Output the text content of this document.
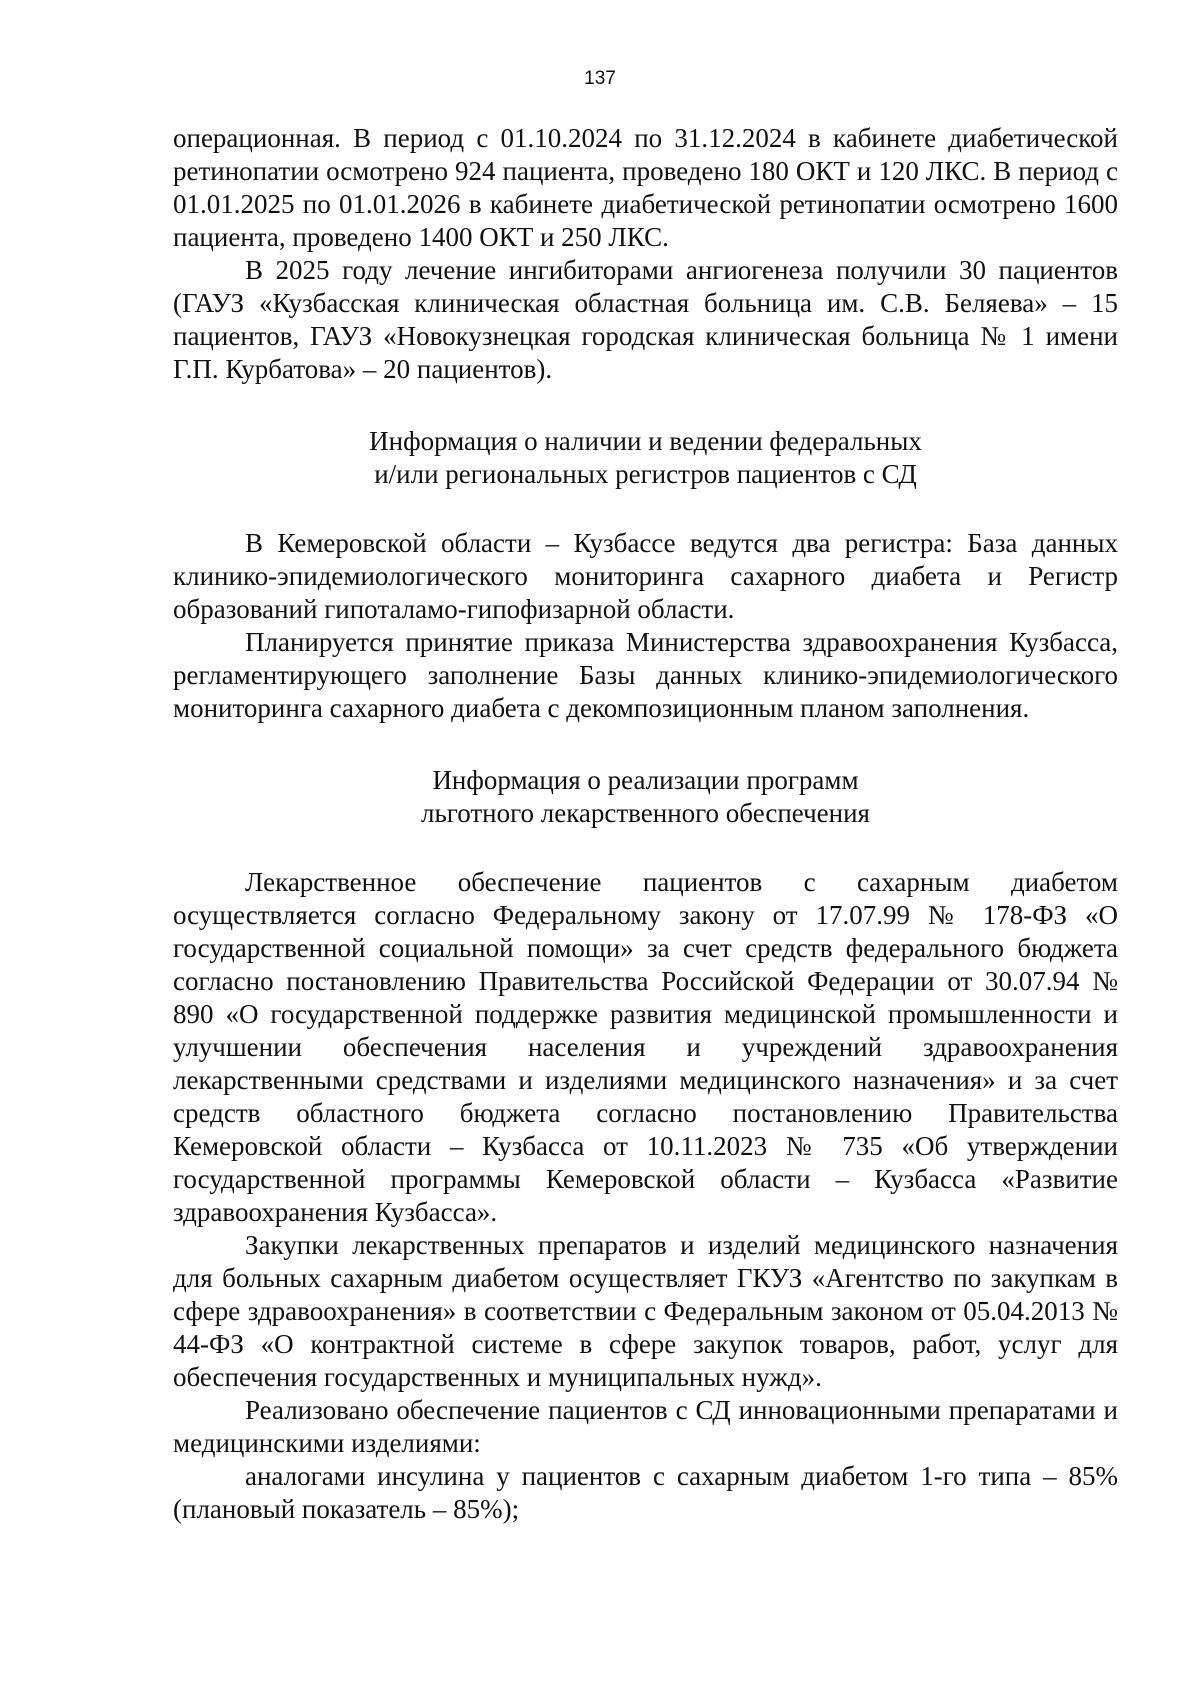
137

операционная. В период с 01.10.2024 по 31.12.2024 в кабинете диабетической ретинопатии осмотрено 924 пациента, проведено 180 ОКТ и 120 ЛКС. В период с 01.01.2025 по 01.01.2026 в кабинете диабетической ретинопатии осмотрено 1600 пациента, проведено 1400 ОКТ и 250 ЛКС.

В 2025 году лечение ингибиторами ангиогенеза получили 30 пациентов (ГАУЗ «Кузбасская клиническая областная больница им. С.В. Беляева» – 15 пациентов, ГАУЗ «Новокузнецкая городская клиническая больница № 1 имени Г.П. Курбатова» – 20 пациентов).

Информация о наличии и ведении федеральных
и/или региональных регистров пациентов с СД

В Кемеровской области – Кузбассе ведутся два регистра: База данных клинико-эпидемиологического мониторинга сахарного диабета и Регистр образований гипоталамо-гипофизарной области.

Планируется принятие приказа Министерства здравоохранения Кузбасса, регламентирующего заполнение Базы данных клинико-эпидемиологического мониторинга сахарного диабета с декомпозиционным планом заполнения.

Информация о реализации программ
льготного лекарственного обеспечения

Лекарственное обеспечение пациентов с сахарным диабетом осуществляется согласно Федеральному закону от 17.07.99 № 178-ФЗ «О государственной социальной помощи» за счет средств федерального бюджета согласно постановлению Правительства Российской Федерации от 30.07.94 № 890 «О государственной поддержке развития медицинской промышленности и улучшении обеспечения населения и учреждений здравоохранения лекарственными средствами и изделиями медицинского назначения» и за счет средств областного бюджета согласно постановлению Правительства Кемеровской области – Кузбасса от 10.11.2023 № 735 «Об утверждении государственной программы Кемеровской области – Кузбасса «Развитие здравоохранения Кузбасса».

Закупки лекарственных препаратов и изделий медицинского назначения для больных сахарным диабетом осуществляет ГКУЗ «Агентство по закупкам в сфере здравоохранения» в соответствии с Федеральным законом от 05.04.2013 № 44-ФЗ «О контрактной системе в сфере закупок товаров, работ, услуг для обеспечения государственных и муниципальных нужд».

Реализовано обеспечение пациентов с СД инновационными препаратами и медицинскими изделиями:

аналогами инсулина у пациентов с сахарным диабетом 1-го типа – 85% (плановый показатель – 85%);
